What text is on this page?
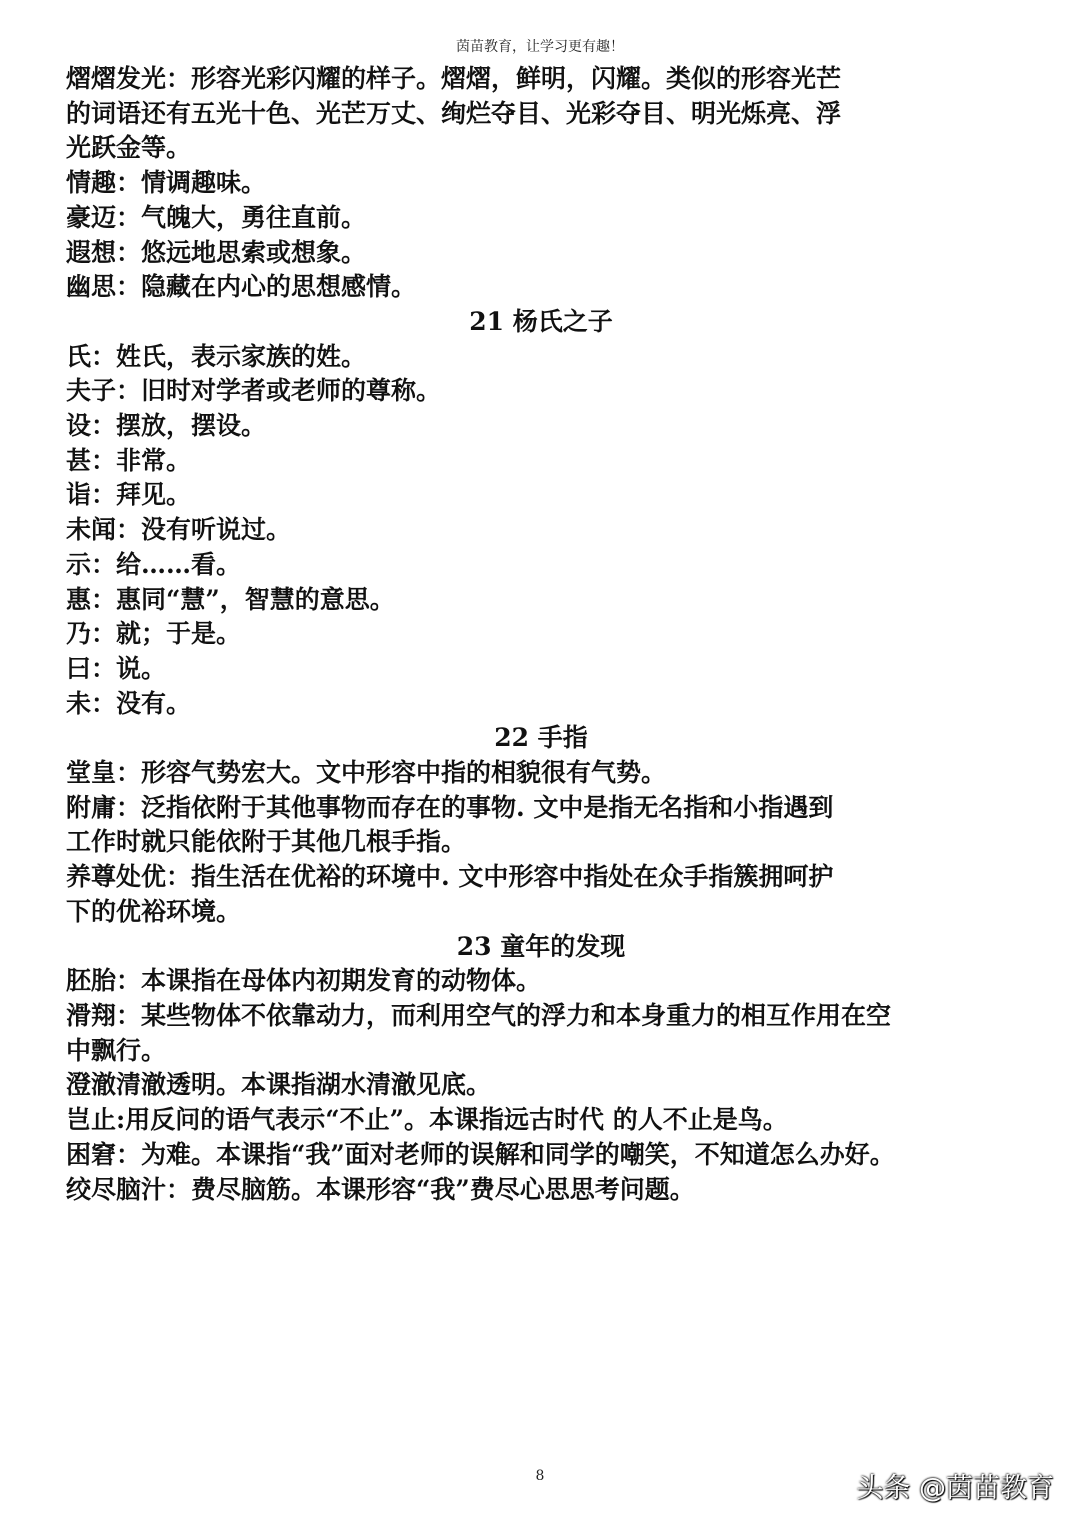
茵苗教育，让学习更有趣！
熠熠发光：形容光彩闪耀的样子。熠熠，鲜明，闪耀。类似的形容光芒
的词语还有五光十色、光芒万丈、绚烂夺目、光彩夺目、明光烁亮、浮
光跃金等。
情趣：情调趣味。
豪迈：气魄大，勇往直前。
遐想：悠远地思索或想象。
幽思：隐藏在内心的思想感情。
21 杨氏之子
氏：姓氏，表示家族的姓。
夫子：旧时对学者或老师的尊称。
设：摆放，摆设。
甚：非常。
诣：拜见。
未闻：没有听说过。
示：给……看。
惠：惠同“慧”，智慧的意思。
乃：就；于是。
曰：说。
未：没有。
22 手指
堂皇：形容气势宏大。文中形容中指的相貌很有气势。
附庸：泛指依附于其他事物而存在的事物. 文中是指无名指和小指遇到
工作时就只能依附于其他几根手指。
养尊处优：指生活在优裕的环境中. 文中形容中指处在众手指簇拥呵护
下的优裕环境。
23 童年的发现
胚胎：本课指在母体内初期发育的动物体。
滑翔：某些物体不依靠动力，而利用空气的浮力和本身重力的相互作用在空
中飘行。
澄澈清澈透明。本课指湖水清澈见底。
岂止:用反问的语气表示“不止”。本课指远古时代 的人不止是鸟。
困窘：为难。本课指“我”面对老师的误解和同学的嘲笑，不知道怎么办好。
绞尽脑汁：费尽脑筋。本课形容“我”费尽心思思考问题。
8	头条 @茵苗教育
